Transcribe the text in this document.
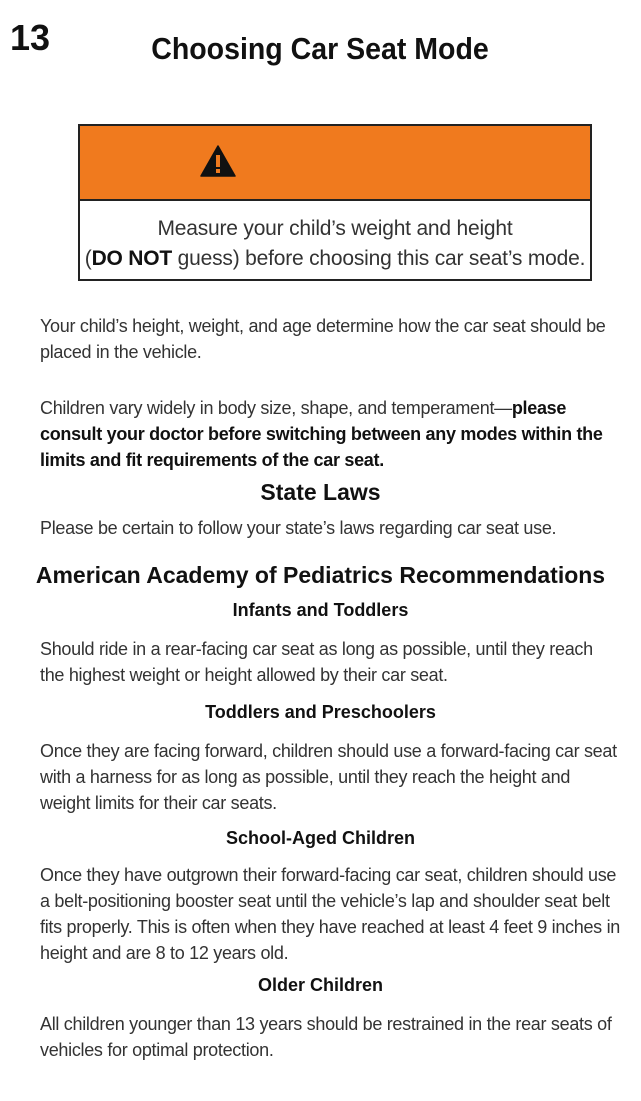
13	Choosing Car Seat Mode
Measure your child’s weight and height
(DO NOT guess) before choosing this car seat’s mode.
Your child’s height, weight, and age determine how the car seat should be placed in the vehicle.
Children vary widely in body size, shape, and temperament—please consult your doctor before switching between any modes within the limits and fit requirements of the car seat.
State Laws
Please be certain to follow your state’s laws regarding car seat use.
American Academy of Pediatrics Recommendations
Infants and Toddlers
Should ride in a rear-facing car seat as long as possible, until they reach the highest weight or height allowed by their car seat.
Toddlers and Preschoolers
Once they are facing forward, children should use a forward-facing car seat with a harness for as long as possible, until they reach the height and weight limits for their car seats.
School-Aged Children
Once they have outgrown their forward-facing car seat, children should use a belt-positioning booster seat until the vehicle’s lap and shoulder seat belt fits properly. This is often when they have reached at least 4 feet 9 inches in height and are 8 to 12 years old.
Older Children
All children younger than 13 years should be restrained in the rear seats of vehicles for optimal protection.
